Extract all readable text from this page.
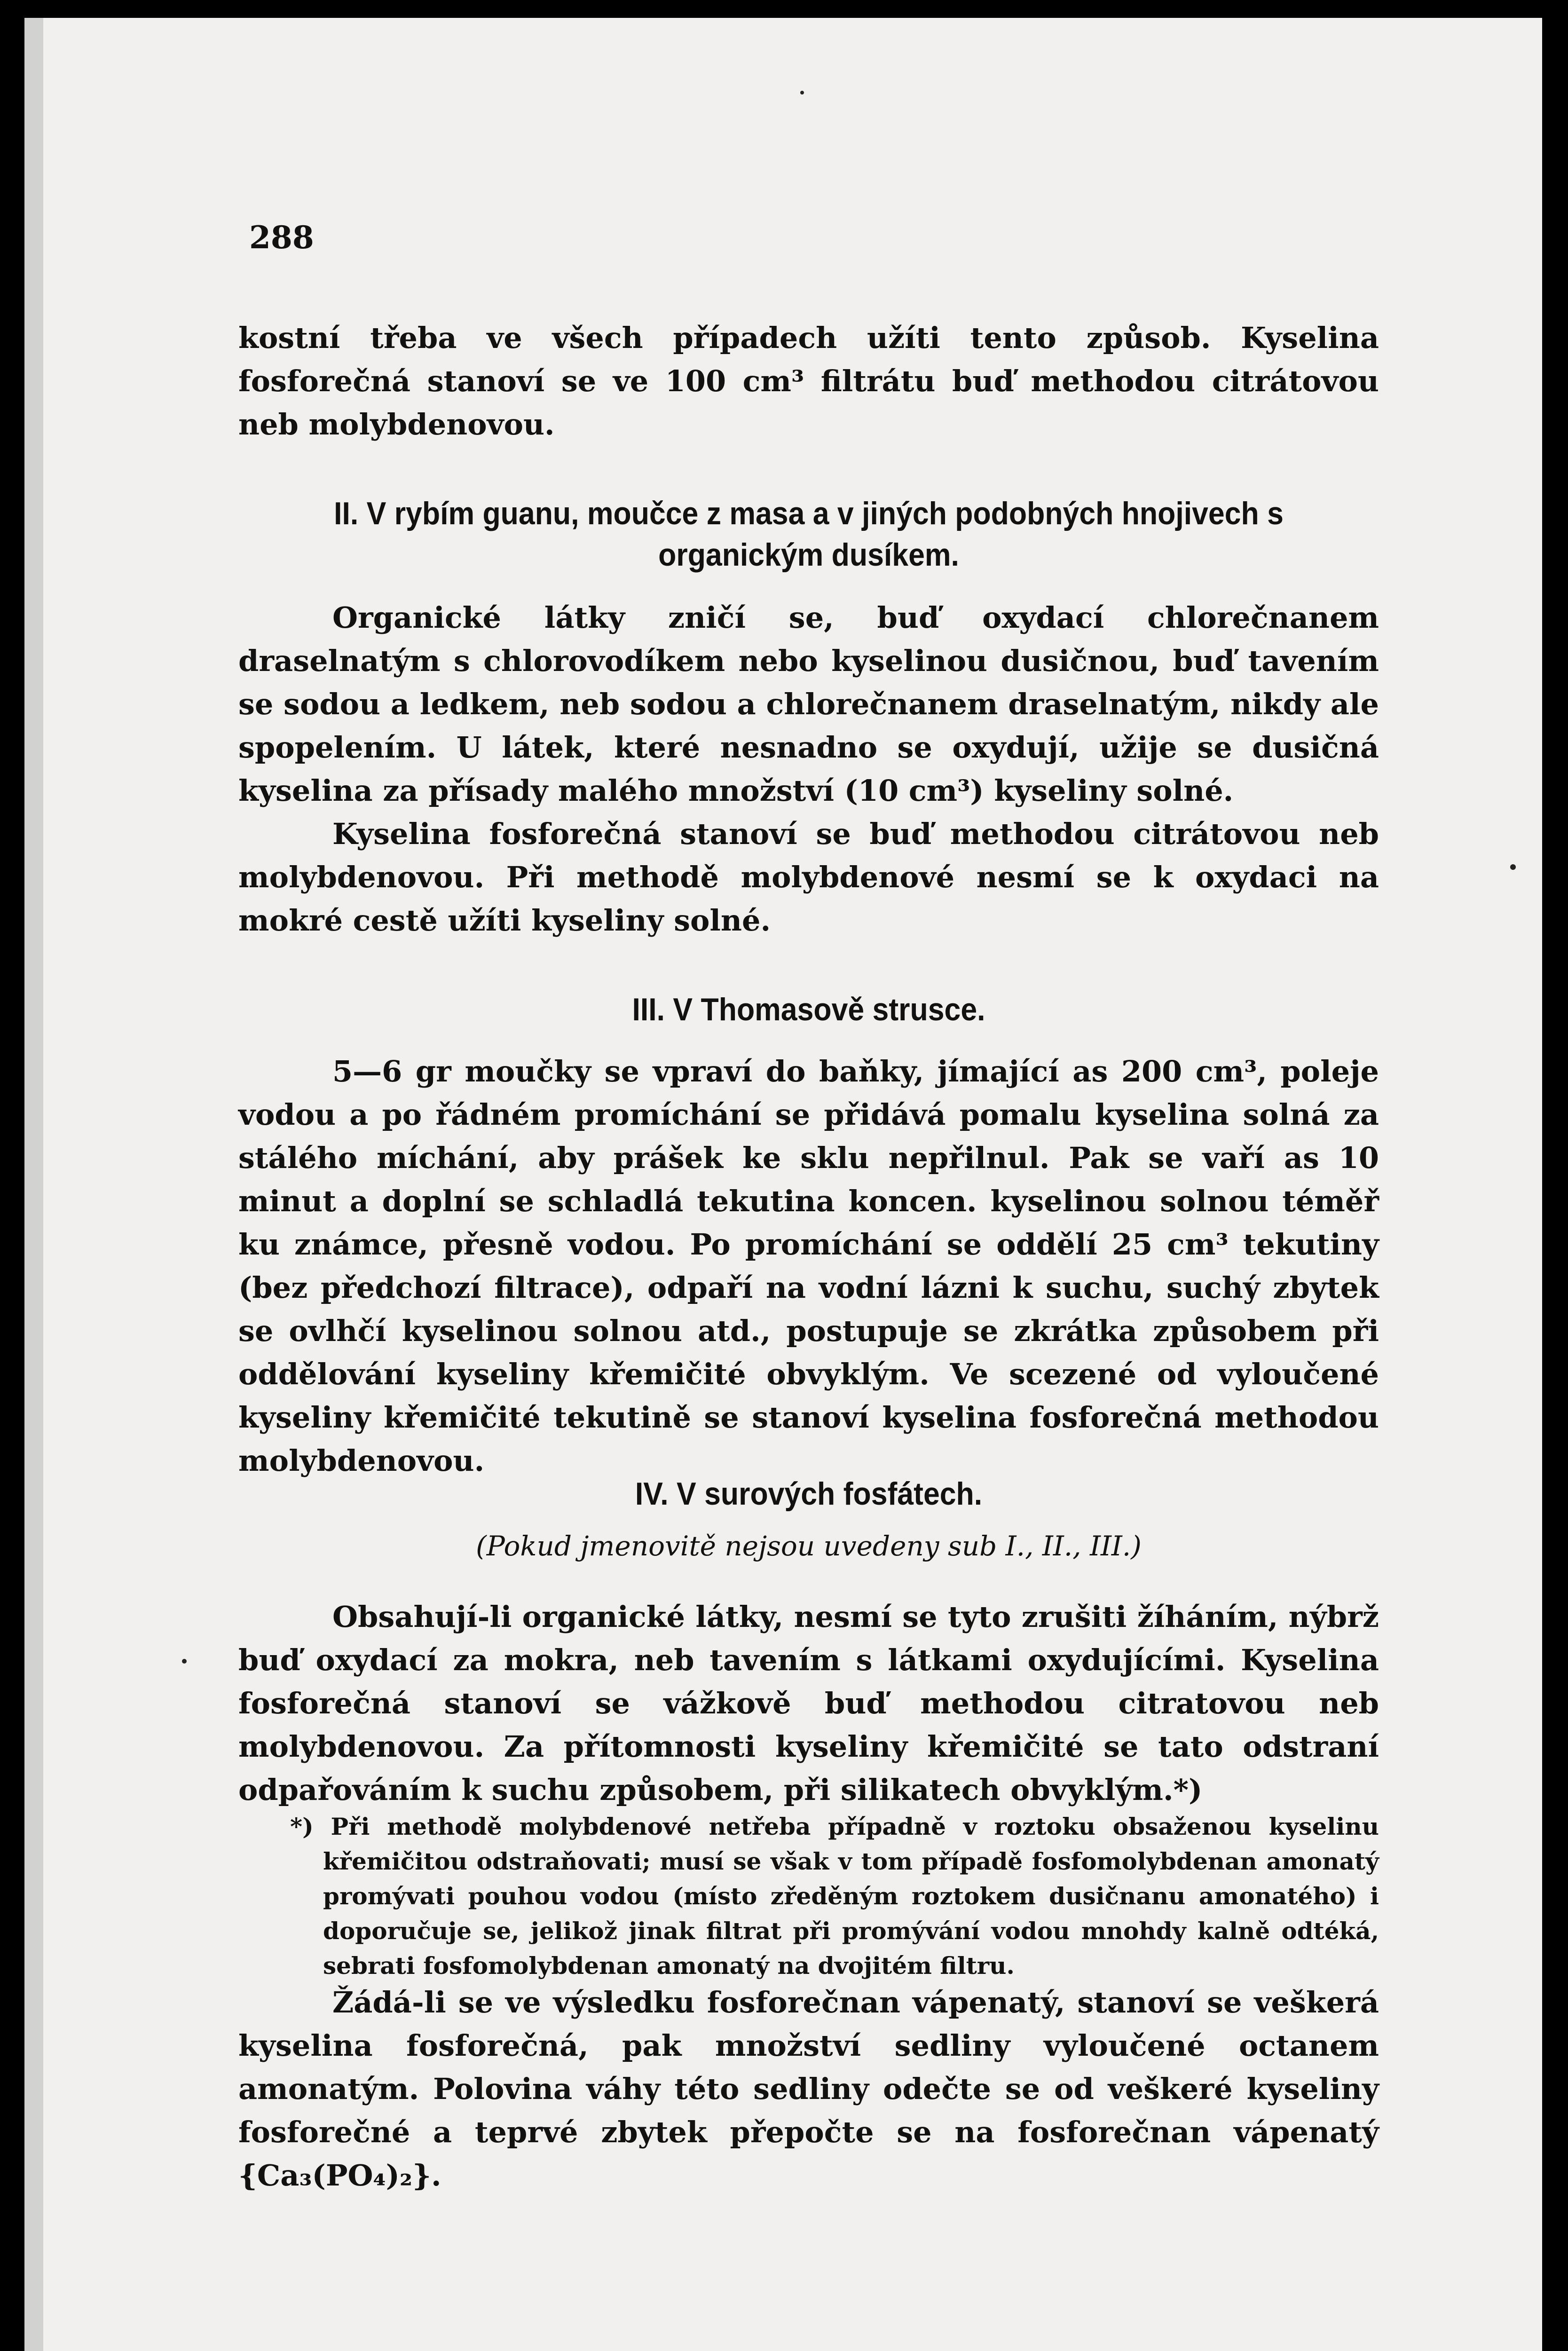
288

kostní třeba ve všech případech užíti tento způsob. Kyselina fosforečná stanoví se ve 100 cm³ filtrátu buď methodou citrátovou neb molybdenovou.

II. V rybím guanu, moučce z masa a v jiných podobných hnojivech s organickým dusíkem.

Organické látky zničí se, buď oxydací chlorečnanem draselnatým s chlorovodíkem nebo kyselinou dusičnou, buď tavením se sodou a ledkem, neb sodou a chlorečnanem draselnatým, nikdy ale spopelením. U látek, které nesnadno se oxydují, užije se dusičná kyselina za přísady malého množství (10 cm³) kyseliny solné.

Kyselina fosforečná stanoví se buď methodou citrátovou neb molybdenovou. Při methodě molybdenové nesmí se k oxydaci na mokré cestě užíti kyseliny solné.

III. V Thomasově strusce.

5—6 gr moučky se vpraví do baňky, jímající as 200 cm³, poleje vodou a po řádném promíchání se přidává pomalu kyselina solná za stálého míchání, aby prášek ke sklu nepřilnul. Pak se vaří as 10 minut a doplní se schladlá tekutina koncen. kyselinou solnou téměř ku známce, přesně vodou. Po promíchání se oddělí 25 cm³ tekutiny (bez předchozí filtrace), odpaří na vodní lázni k suchu, suchý zbytek se ovlhčí kyselinou solnou atd., postupuje se zkrátka způsobem při oddělování kyseliny křemičité obvyklým. Ve scezené od vyloučené kyseliny křemičité tekutině se stanoví kyselina fosforečná methodou molybdenovou.

IV. V surových fosfátech.

(Pokud jmenovitě nejsou uvedeny sub I., II., III.)

Obsahují-li organické látky, nesmí se tyto zrušiti žíháním, nýbrž buď oxydací za mokra, neb tavením s látkami oxydujícími. Kyselina fosforečná stanoví se vážkově buď methodou citratovou neb molybdenovou. Za přítomnosti kyseliny křemičité se tato odstraní odpařováním k suchu způsobem, při silikatech obvyklým.*)

*) Při methodě molybdenové netřeba případně v roztoku obsaženou kyselinu křemičitou odstraňovati; musí se však v tom případě fosfomolybdenan amonatý promývati pouhou vodou (místo zředěným roztokem dusičnanu amonatého) i doporučuje se, jelikož jinak filtrat při promývání vodou mnohdy kalně odtéká, sebrati fosfomolybdenan amonatý na dvojitém filtru.

Žádá-li se ve výsledku fosforečnan vápenatý, stanoví se veškerá kyselina fosforečná, pak množství sedliny vyloučené octanem amonatým. Polovina váhy této sedliny odečte se od veškeré kyseliny fosforečné a teprvé zbytek přepočte se na fosforečnan vápenatý {Ca₃(PO₄)₂}.
